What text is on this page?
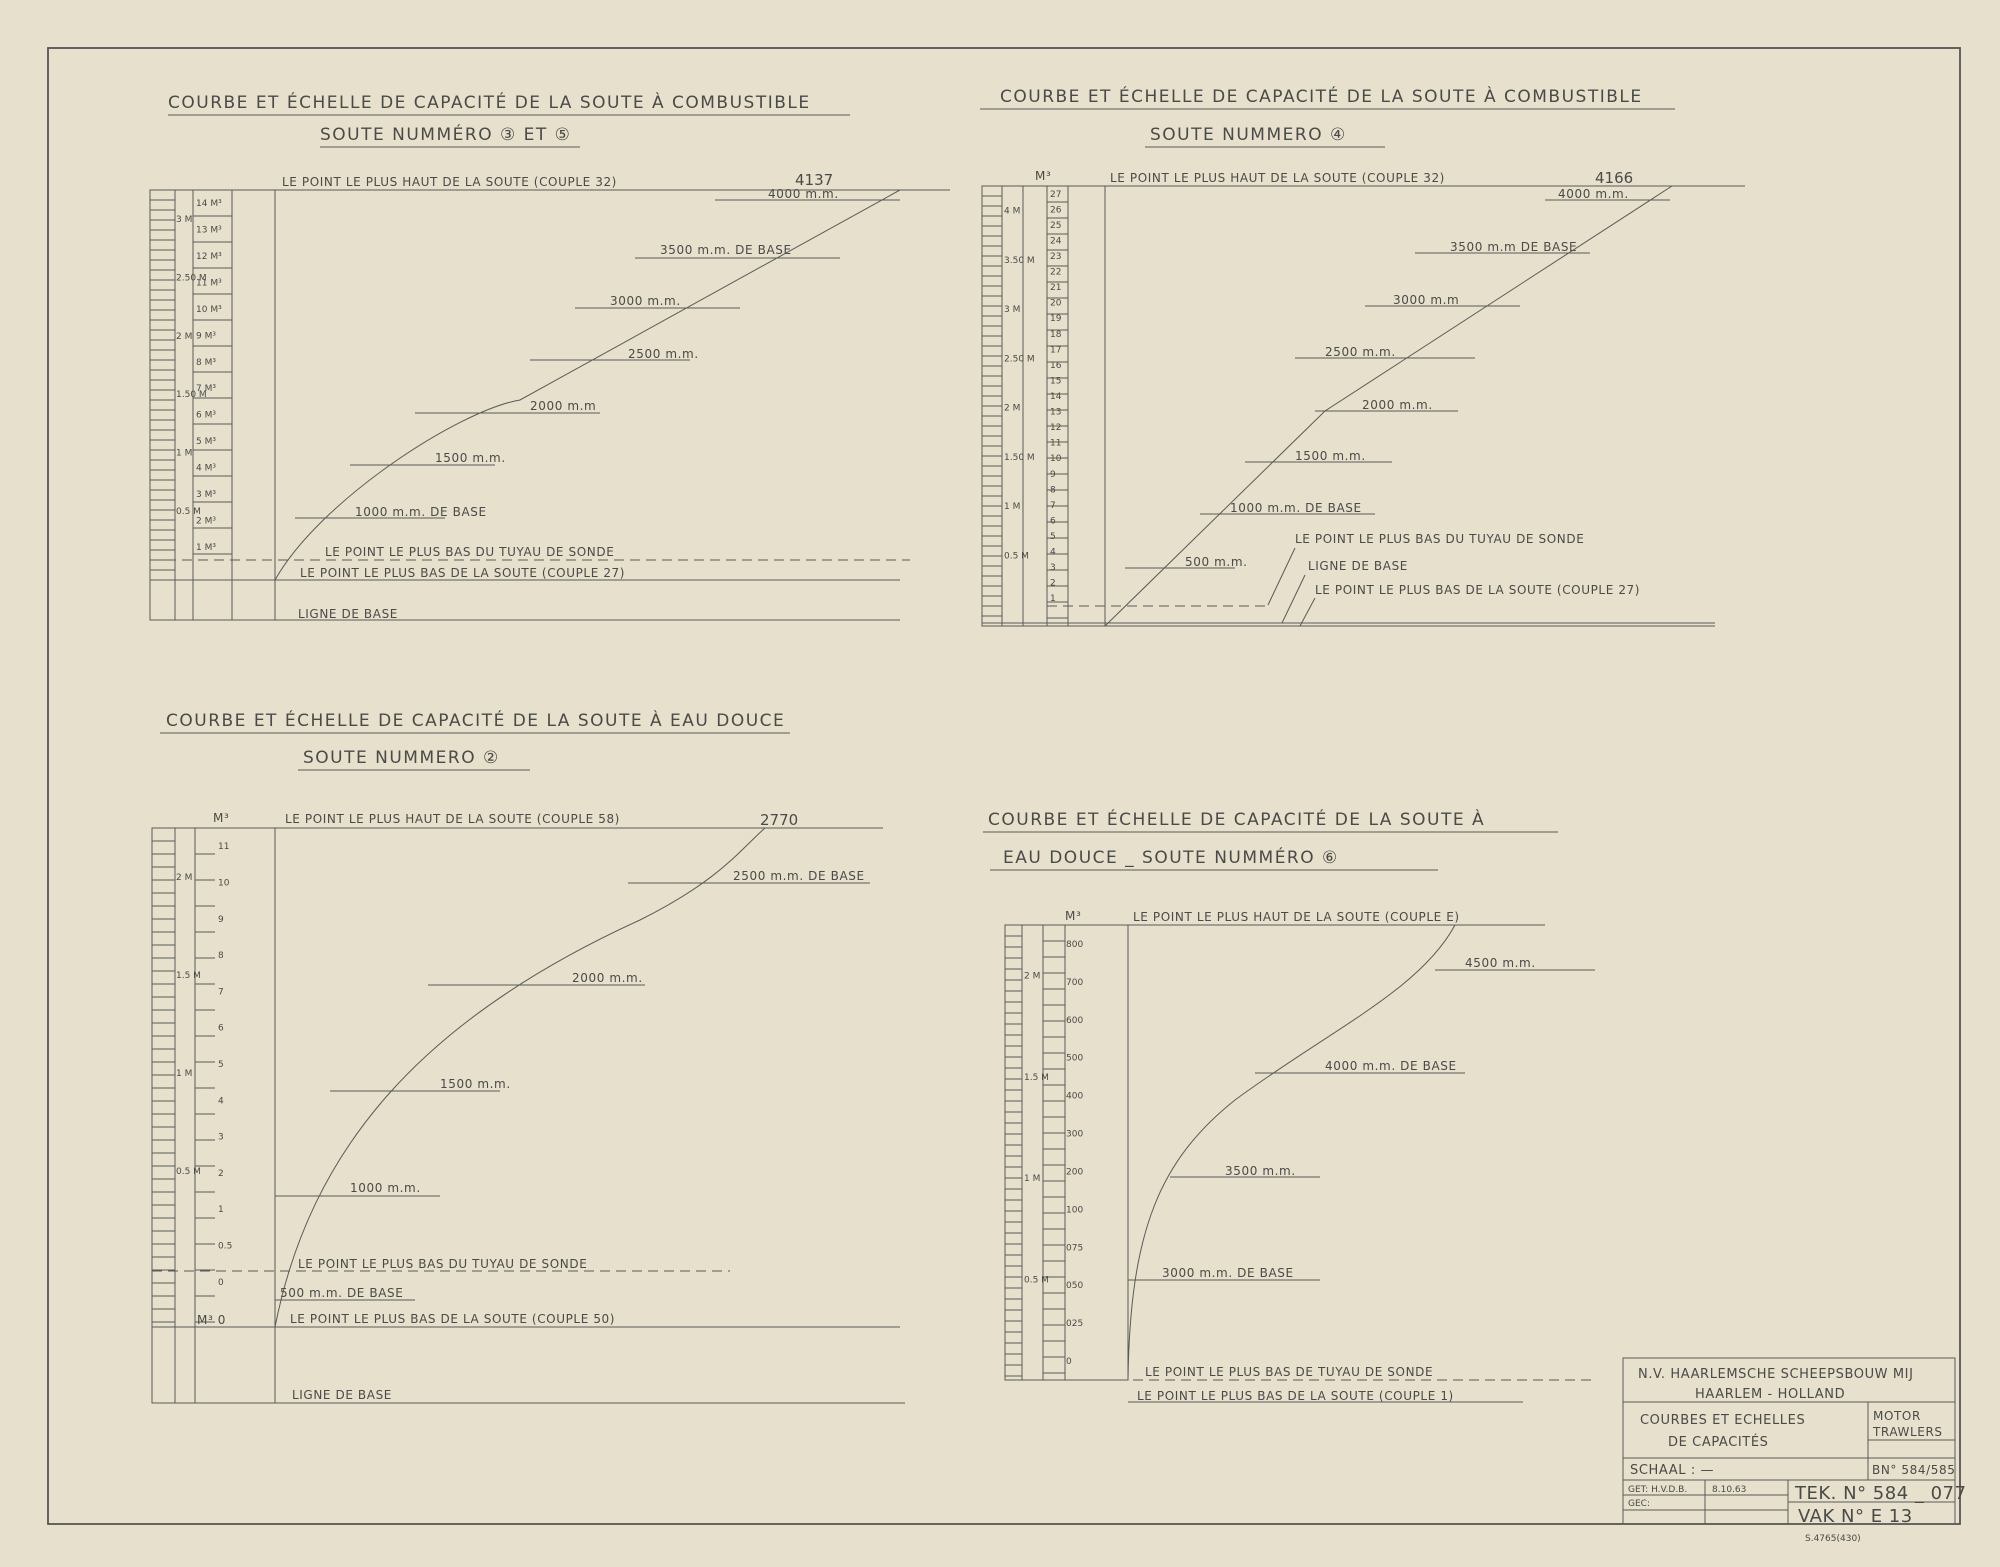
COURBE ET ÉCHELLE DE CAPACITÉ DE LA SOUTE À COMBUSTIBLE
SOUTE NUMMÉRO ③ ET ⑤
14 M³
13 M³
12 M³
11 M³
10 M³
9 M³
8 M³
7 M³
6 M³
5 M³
4 M³
3 M³
2 M³
1 M³
3 M
2.50 M
2 M
1.50 M
1 M
0.5 M
LE POINT LE PLUS HAUT DE LA SOUTE (COUPLE 32)	4137
4000 m.m.
3500 m.m. DE BASE
3000 m.m.
2500 m.m.
2000 m.m
1500 m.m.
1000 m.m. DE BASE
LE POINT LE PLUS BAS DU TUYAU DE SONDE
LE POINT LE PLUS BAS DE LA SOUTE (COUPLE 27)
LIGNE DE BASE
COURBE ET ÉCHELLE DE CAPACITÉ DE LA SOUTE À COMBUSTIBLE
SOUTE NUMMERO ④
27
26
25
24
23
22
21
20
19
18
17
16
15
14
13
12
11
10
9
8
7
6
5
4
3
2
1
4 M
3.50 M
3 M
2.50 M
2 M
1.50 M
1 M
0.5 M
M³	LE POINT LE PLUS HAUT DE LA SOUTE (COUPLE 32)	4166
4000 m.m.
3500 m.m DE BASE
3000 m.m
2500 m.m.
2000 m.m.
1500 m.m.
1000 m.m. DE BASE
500 m.m.
LE POINT LE PLUS BAS DU TUYAU DE SONDE
LIGNE DE BASE
LE POINT LE PLUS BAS DE LA SOUTE (COUPLE 27)
COURBE ET ÉCHELLE DE CAPACITÉ DE LA SOUTE À EAU DOUCE
SOUTE NUMMERO ②
11
10
9
8
7
6
5
4
3
2
1
0.5
0
2 M
1.5 M
1 M
0.5 M
M³
M³ 0
LE POINT LE PLUS HAUT DE LA SOUTE (COUPLE 58)	2770
2500 m.m. DE BASE
2000 m.m.
1500 m.m.
1000 m.m.
500 m.m. DE BASE
LE POINT LE PLUS BAS DU TUYAU DE SONDE
LE POINT LE PLUS BAS DE LA SOUTE (COUPLE 50)
LIGNE DE BASE
COURBE ET ÉCHELLE DE CAPACITÉ DE LA SOUTE À
EAU DOUCE _ SOUTE NUMMÉRO ⑥
800
700
600
500
400
300
200
100
075
050
025
0
2 M
1.5 M
1 M
0.5 M
M³	LE POINT LE PLUS HAUT DE LA SOUTE (COUPLE E)
4500 m.m.
4000 m.m. DE BASE
3500 m.m.
3000 m.m. DE BASE
LE POINT LE PLUS BAS DE TUYAU DE SONDE
LE POINT LE PLUS BAS DE LA SOUTE (COUPLE 1)
N.V. HAARLEMSCHE SCHEEPSBOUW MIJ
HAARLEM - HOLLAND
COURBES ET ECHELLES
DE CAPACITÉS
MOTOR
TRAWLERS
BN° 584/585
SCHAAL : —
GET: H.V.D.B.	8.10.63
GEC:	TEK. N° 584 _ 077
VAK N° E 13
S.4765(430)
